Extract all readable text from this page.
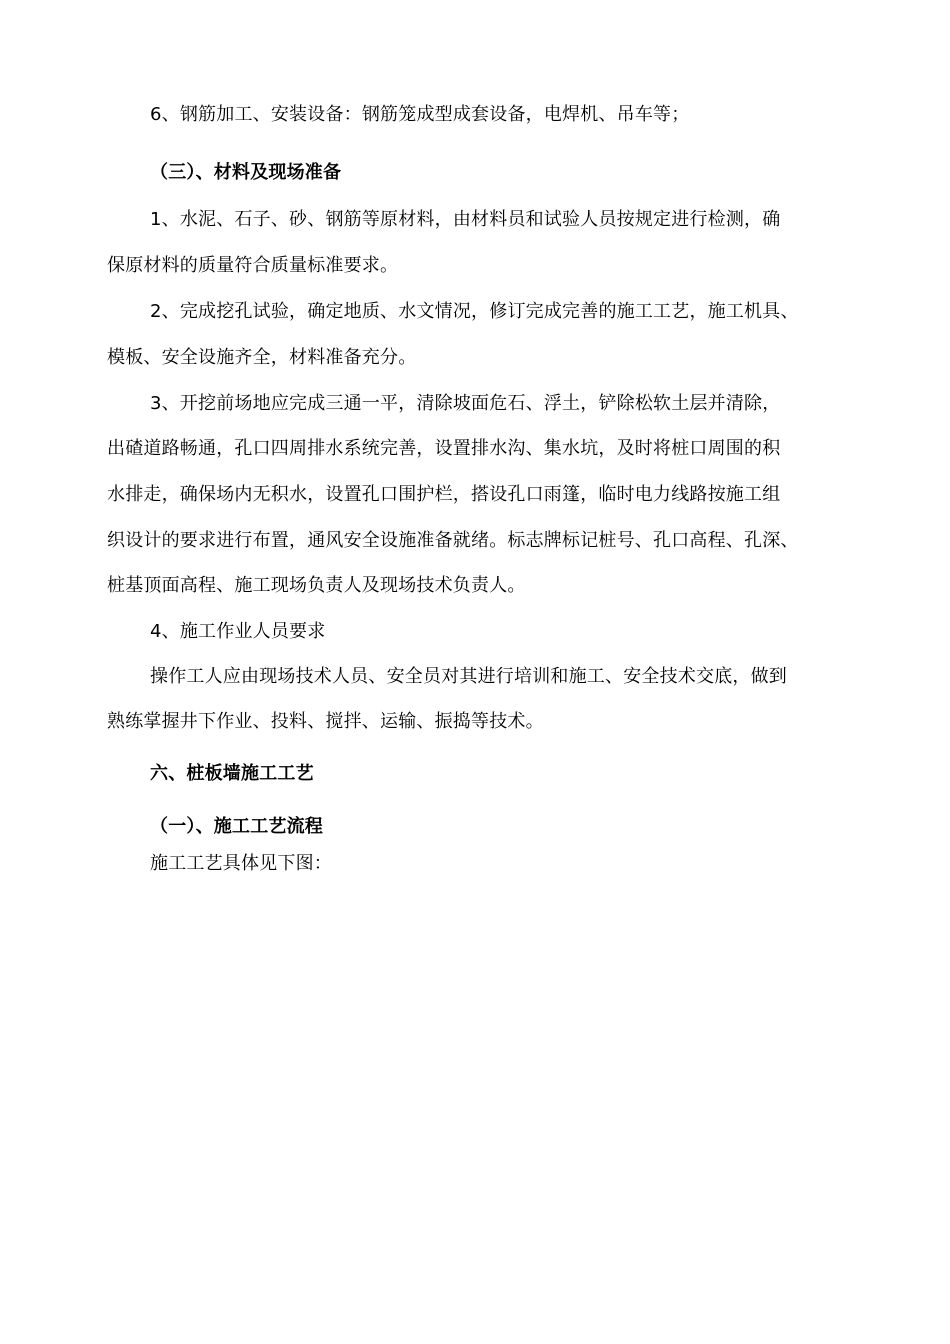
6、钢筋加工、安装设备：钢筋笼成型成套设备，电焊机、吊车等；
（三）、材料及现场准备
1、水泥、石子、砂、钢筋等原材料，由材料员和试验人员按规定进行检测，确
保原材料的质量符合质量标准要求。
2、完成挖孔试验，确定地质、水文情况，修订完成完善的施工工艺，施工机具、
模板、安全设施齐全，材料准备充分。
3、开挖前场地应完成三通一平，清除坡面危石、浮土，铲除松软土层并清除，
出碴道路畅通，孔口四周排水系统完善，设置排水沟、集水坑，及时将桩口周围的积
水排走，确保场内无积水，设置孔口围护栏，搭设孔口雨篷，临时电力线路按施工组
织设计的要求进行布置，通风安全设施准备就绪。标志牌标记桩号、孔口高程、孔深、
桩基顶面高程、施工现场负责人及现场技术负责人。
4、施工作业人员要求
操作工人应由现场技术人员、安全员对其进行培训和施工、安全技术交底，做到
熟练掌握井下作业、投料、搅拌、运输、振捣等技术。
六、桩板墙施工工艺
（一）、施工工艺流程
施工工艺具体见下图：
